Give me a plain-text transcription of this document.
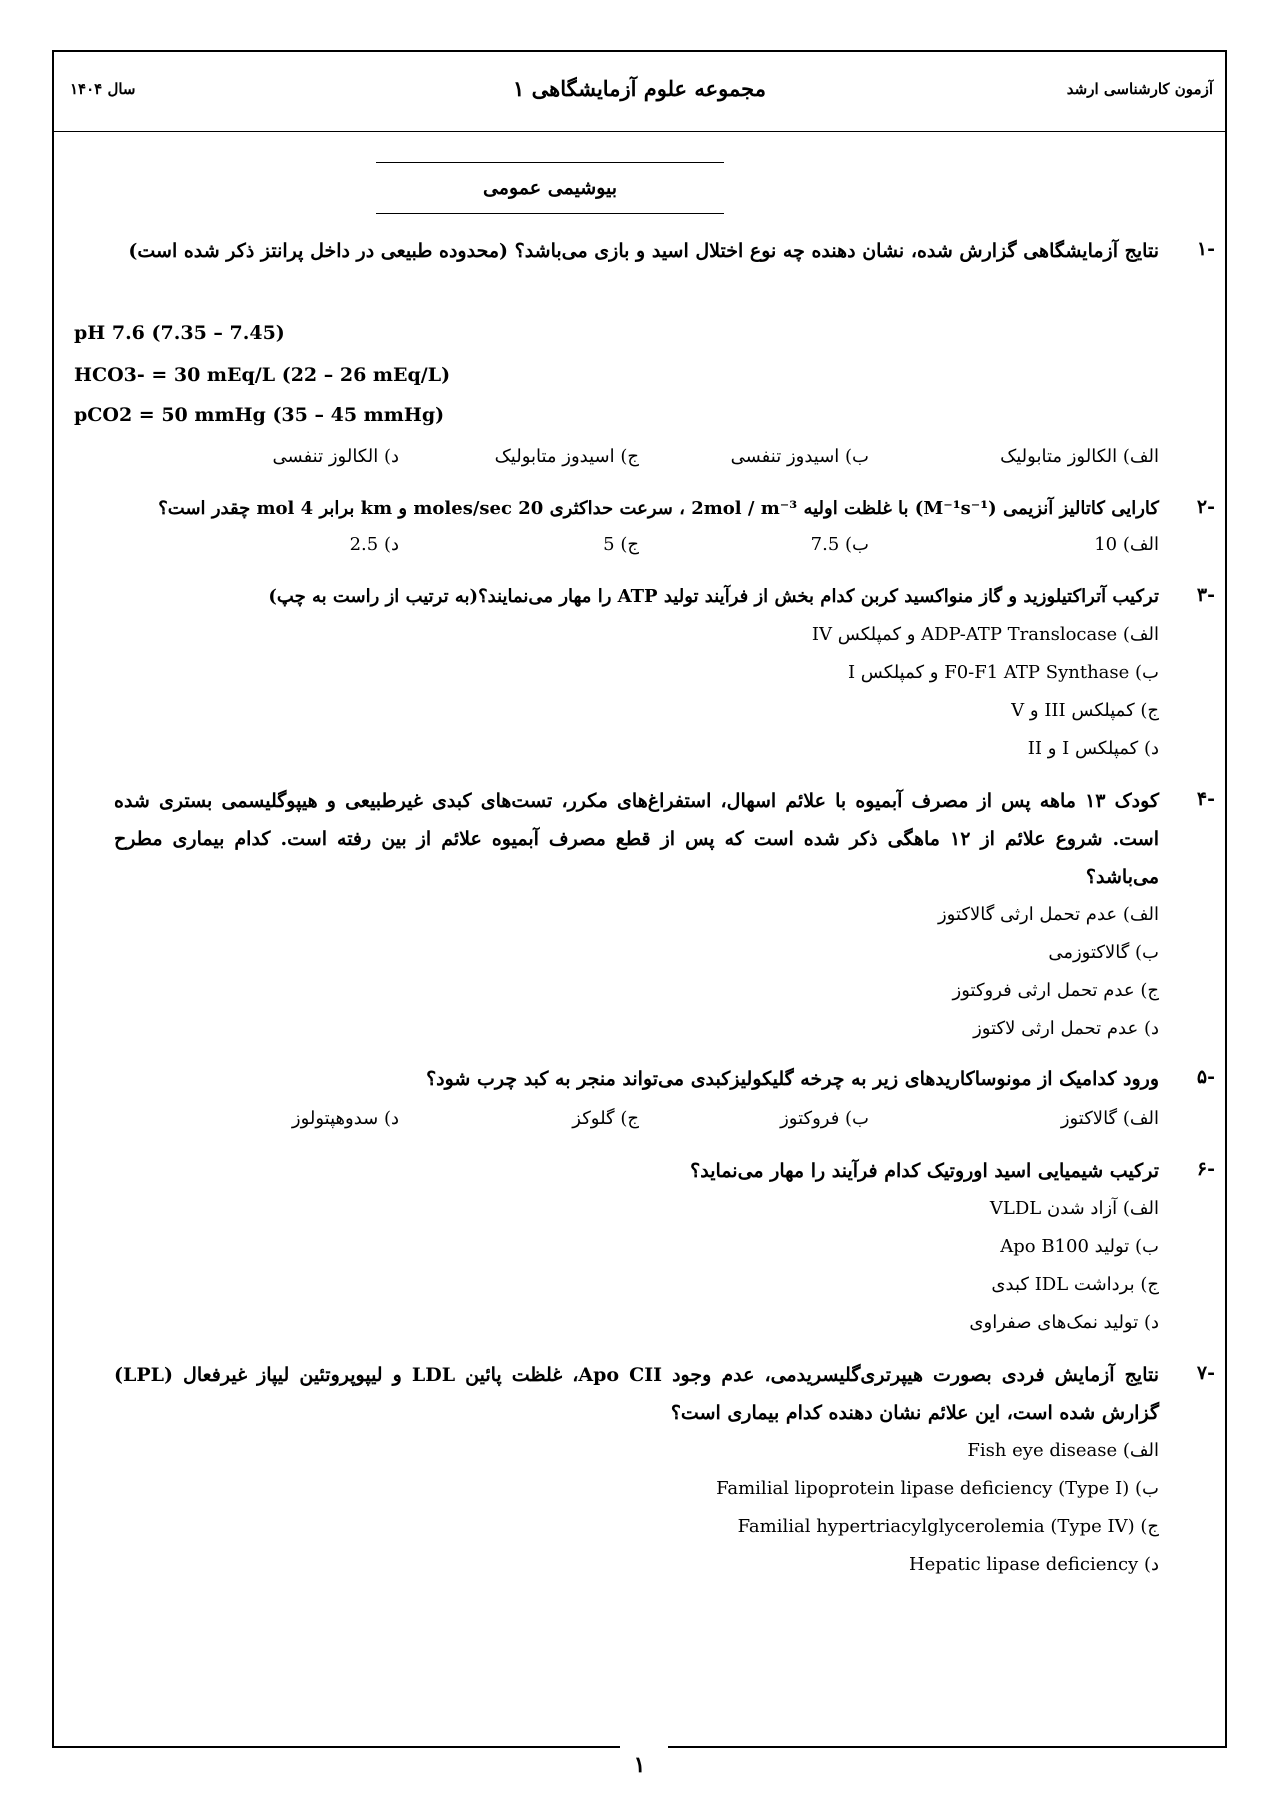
سال ۱۴۰۴	مجموعه علوم آزمایشگاهی ۱	آزمون کارشناسی ارشد
بیوشیمی عمومی
-۱
نتایج آزمایشگاهی گزارش شده، نشان دهنده چه نوع اختلال اسید و بازی می‌باشد؟ (محدوده طبیعی در داخل پرانتز ذکر شده است)
pH 7.6 (7.35 – 7.45)
HCO3- = 30 mEq/L (22 – 26 mEq/L)
pCO2 = 50 mmHg (35 – 45 mmHg)
الف) الکالوز متابولیک
ب) اسیدوز تنفسی
ج) اسیدوز متابولیک
د) الکالوز تنفسی
-۲
کارایی کاتالیز آنزیمی (M⁻¹s⁻¹) با غلظت اولیه 2mol / m⁻³ ، سرعت حداکثری 20 moles/sec و km برابر 4 mol چقدر است؟
الف) 10
ب) 7.5
ج) 5
د) 2.5
-۳
ترکیب آتراکتیلوزید و گاز منواکسید کربن کدام بخش از فرآیند تولید ATP را مهار می‌نمایند؟(به ترتیب از راست به چپ)
الف) ADP-ATP Translocase و کمپلکس IV
ب) F0-F1 ATP Synthase و کمپلکس I
ج) کمپلکس III و V
د) کمپلکس I و II
-۴
کودک ۱۳ ماهه پس از مصرف آبمیوه با علائم اسهال، استفراغ‌های مکرر، تست‌های کبدی غیرطبیعی و هیپوگلیسمی بستری شده است. شروع علائم از ۱۲ ماهگی ذکر شده است که پس از قطع مصرف آبمیوه علائم از بین رفته است. کدام بیماری مطرح می‌باشد؟
الف) عدم تحمل ارثی گالاکتوز
ب) گالاکتوزمی
ج) عدم تحمل ارثی فروکتوز
د) عدم تحمل ارثی لاکتوز
-۵
ورود کدامیک از مونوساکاریدهای زیر به چرخه گلیکولیزکبدی می‌تواند منجر به کبد چرب شود؟
الف) گالاکتوز
ب) فروکتوز
ج) گلوکز
د) سدوهپتولوز
-۶
ترکیب شیمیایی اسید اوروتیک کدام فرآیند را مهار می‌نماید؟
الف) آزاد شدن VLDL
ب) تولید Apo B100
ج) برداشت IDL کبدی
د) تولید نمک‌های صفراوی
-۷
نتایج آزمایش فردی بصورت هیپرتری‌گلیسریدمی، عدم وجود Apo CII، غلظت پائین LDL و لیپوپروتئین لیپاز غیرفعال (LPL) گزارش شده است، این علائم نشان دهنده کدام بیماری است؟
الف) Fish eye disease
ب) Familial lipoprotein lipase deficiency (Type I)
ج) Familial hypertriacylglycerolemia (Type IV)
د) Hepatic lipase deficiency
۱
